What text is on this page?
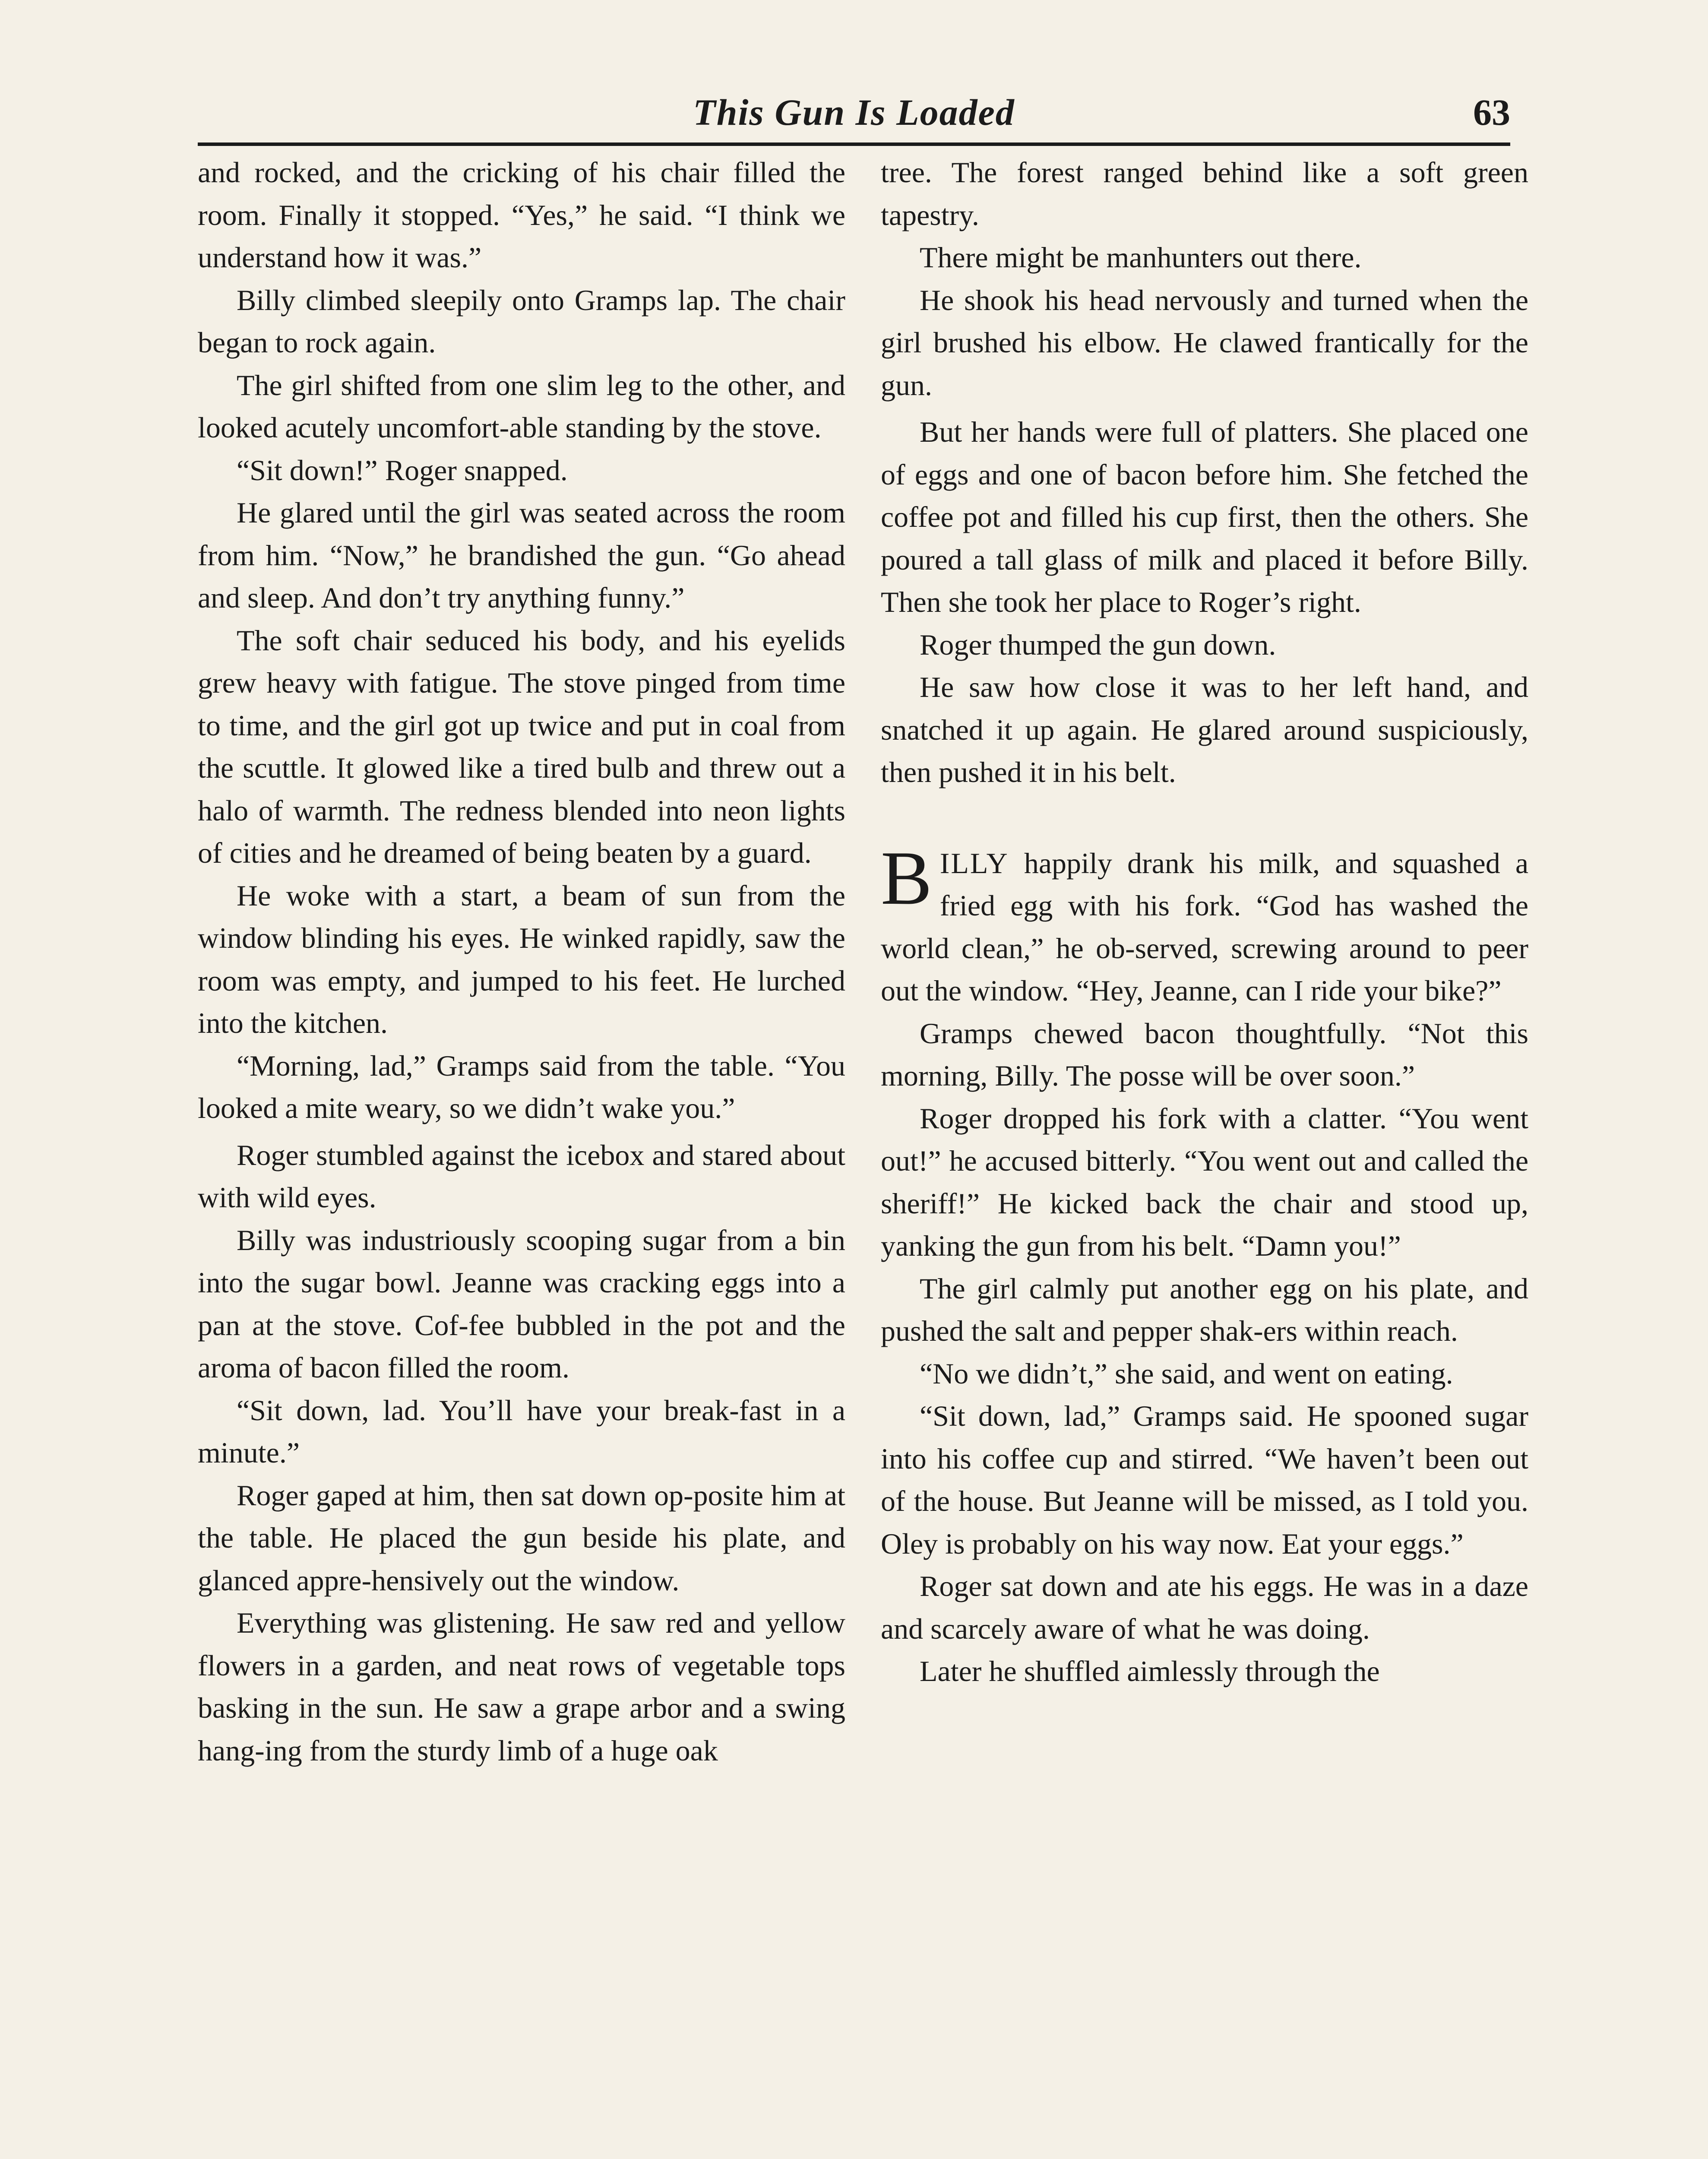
This Gun Is Loaded	63

and rocked, and the cricking of his chair filled the room. Finally it stopped. “Yes,” he said. “I think we understand how it was.”

Billy climbed sleepily onto Gramps lap. The chair began to rock again.

The girl shifted from one slim leg to the other, and looked acutely uncomfort-able standing by the stove.

“Sit down!” Roger snapped.

He glared until the girl was seated across the room from him. “Now,” he brandished the gun. “Go ahead and sleep. And don’t try anything funny.”

The soft chair seduced his body, and his eyelids grew heavy with fatigue. The stove pinged from time to time, and the girl got up twice and put in coal from the scuttle. It glowed like a tired bulb and threw out a halo of warmth. The redness blended into neon lights of cities and he dreamed of being beaten by a guard.

He woke with a start, a beam of sun from the window blinding his eyes. He winked rapidly, saw the room was empty, and jumped to his feet. He lurched into the kitchen.

“Morning, lad,” Gramps said from the table. “You looked a mite weary, so we didn’t wake you.”

Roger stumbled against the icebox and stared about with wild eyes.

Billy was industriously scooping sugar from a bin into the sugar bowl. Jeanne was cracking eggs into a pan at the stove. Cof-fee bubbled in the pot and the aroma of bacon filled the room.

“Sit down, lad. You’ll have your break-fast in a minute.”

Roger gaped at him, then sat down op-posite him at the table. He placed the gun beside his plate, and glanced appre-hensively out the window.

Everything was glistening. He saw red and yellow flowers in a garden, and neat rows of vegetable tops basking in the sun. He saw a grape arbor and a swing hang-ing from the sturdy limb of a huge oak

tree. The forest ranged behind like a soft green tapestry.

There might be manhunters out there.

He shook his head nervously and turned when the girl brushed his elbow. He clawed frantically for the gun.

But her hands were full of platters. She placed one of eggs and one of bacon before him. She fetched the coffee pot and filled his cup first, then the others. She poured a tall glass of milk and placed it before Billy. Then she took her place to Roger’s right.

Roger thumped the gun down.

He saw how close it was to her left hand, and snatched it up again. He glared around suspiciously, then pushed it in his belt.

BILLY happily drank his milk, and squashed a fried egg with his fork. “God has washed the world clean,” he ob-served, screwing around to peer out the window. “Hey, Jeanne, can I ride your bike?”

Gramps chewed bacon thoughtfully. “Not this morning, Billy. The posse will be over soon.”

Roger dropped his fork with a clatter. “You went out!” he accused bitterly. “You went out and called the sheriff!” He kicked back the chair and stood up, yanking the gun from his belt. “Damn you!”

The girl calmly put another egg on his plate, and pushed the salt and pepper shak-ers within reach.

“No we didn’t,” she said, and went on eating.

“Sit down, lad,” Gramps said. He spooned sugar into his coffee cup and stirred. “We haven’t been out of the house. But Jeanne will be missed, as I told you. Oley is probably on his way now. Eat your eggs.”

Roger sat down and ate his eggs. He was in a daze and scarcely aware of what he was doing.

Later he shuffled aimlessly through the
